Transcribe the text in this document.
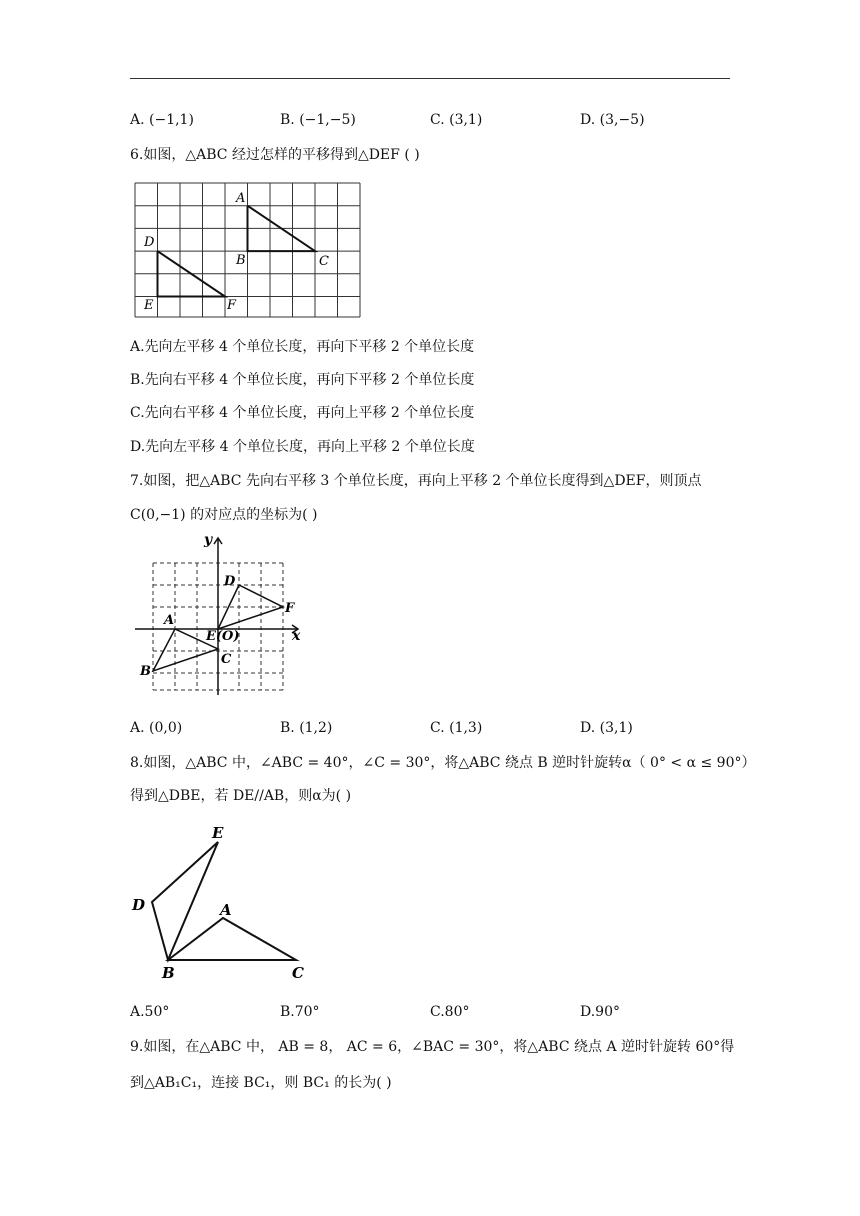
A. (−1,1)	B. (−1,−5)	C. (3,1)	D. (3,−5)
6.如图，△ABC 经过怎样的平移得到△DEF ( )
A
B	C
D
E	F
A.先向左平移 4 个单位长度，再向下平移 2 个单位长度
B.先向右平移 4 个单位长度，再向下平移 2 个单位长度
C.先向右平移 4 个单位长度，再向上平移 2 个单位长度
D.先向左平移 4 个单位长度，再向上平移 2 个单位长度
7.如图，把△ABC 先向右平移 3 个单位长度，再向上平移 2 个单位长度得到△DEF，则顶点
C(0,−1) 的对应点的坐标为( )
y
x
A
B
C
D
F
E(O)
A. (0,0)	B. (1,2)	C. (1,3)	D. (3,1)
8.如图，△ABC 中，∠ABC = 40°，∠C = 30°，将△ABC 绕点 B 逆时针旋转α（ 0° < α ≤ 90°）
得到△DBE，若 DE//AB，则α为( )
E
D	A
B	C
A.50°	B.70°	C.80°	D.90°
9.如图，在△ABC 中， AB = 8， AC = 6，∠BAC = 30°，将△ABC 绕点 A 逆时针旋转 60°得
到△AB₁C₁，连接 BC₁，则 BC₁ 的长为( )
